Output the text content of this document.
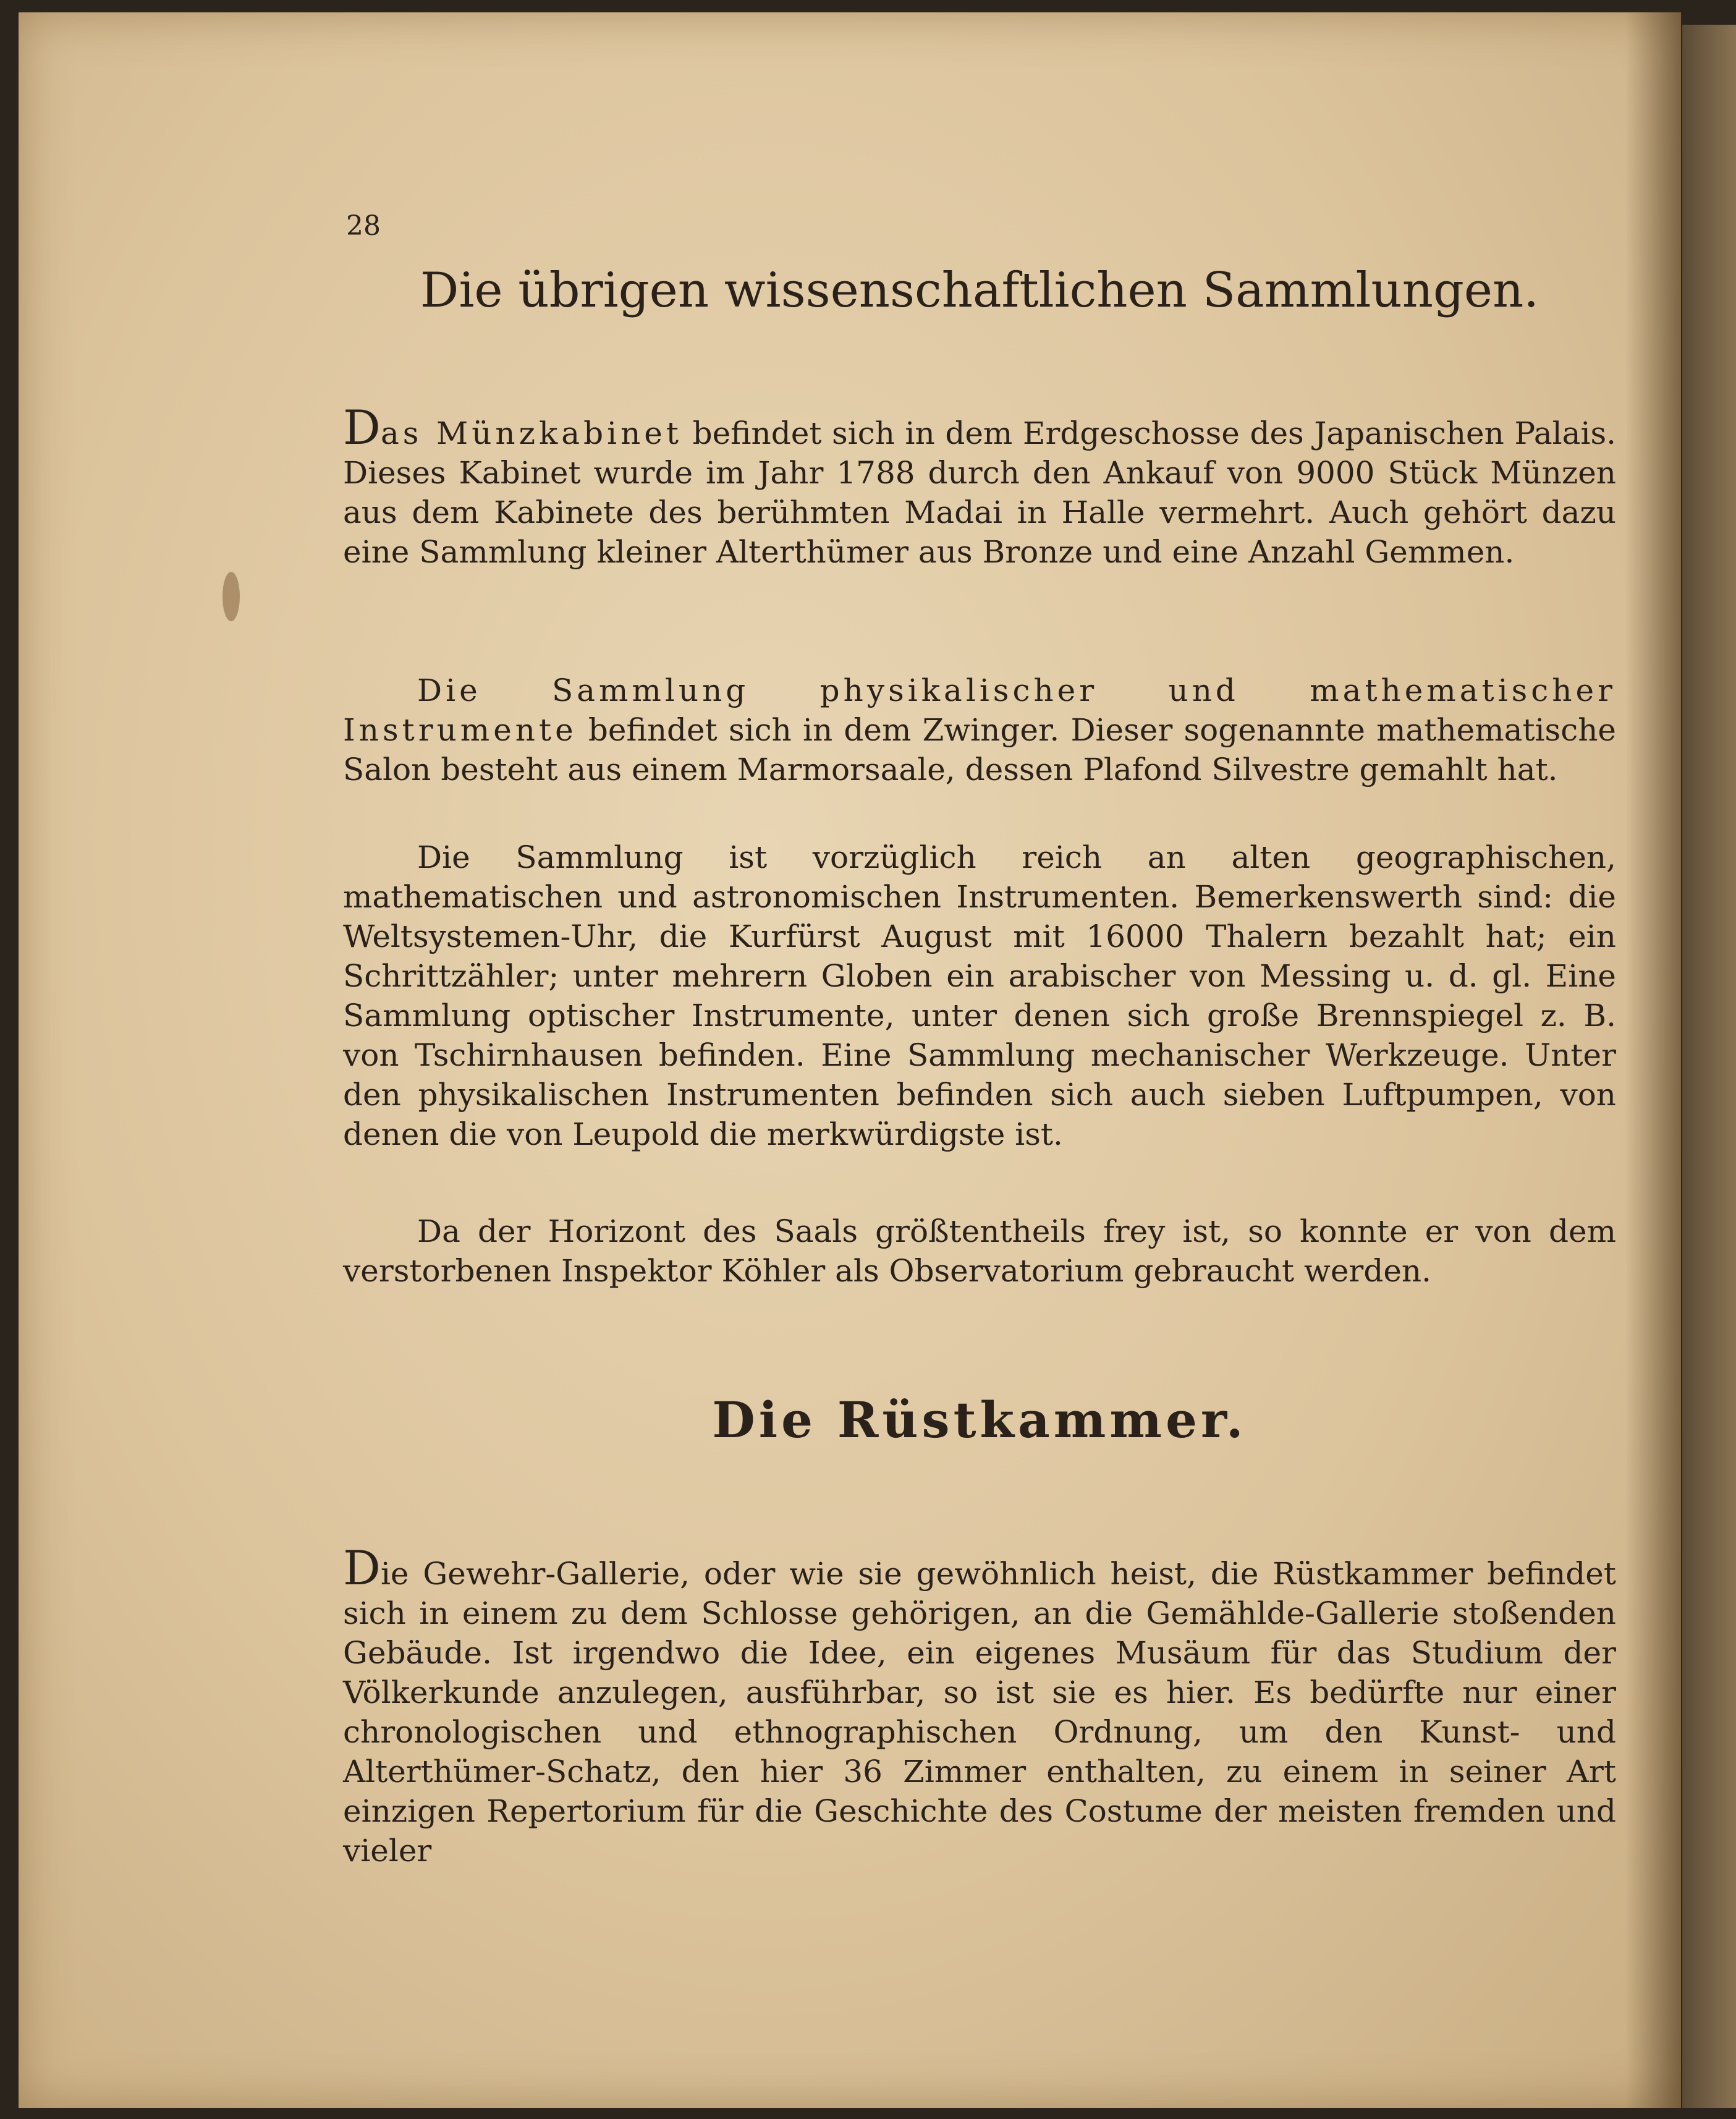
28
Die übrigen wissenschaftlichen Sammlungen.

Das Münzkabinet befindet sich in dem Erdgeschosse des Japanischen Palais. Dieses Kabinet wurde im Jahr 1788 durch den Ankauf von 9000 Stück Münzen aus dem Kabinete des berühmten Madai in Halle vermehrt. Auch gehört dazu eine Sammlung kleiner Alterthümer aus Bronze und eine Anzahl Gemmen.

Die Sammlung physikalischer und mathematischer Instrumente befindet sich in dem Zwinger. Dieser sogenannte mathematische Salon besteht aus einem Marmorsaale, dessen Plafond Silvestre gemahlt hat.

Die Sammlung ist vorzüglich reich an alten geographischen, mathematischen und astronomischen Instrumenten. Bemerkenswerth sind: die Weltsystemen-Uhr, die Kurfürst August mit 16000 Thalern bezahlt hat; ein Schrittzähler; unter mehrern Globen ein arabischer von Messing u. d. gl. Eine Sammlung optischer Instrumente, unter denen sich große Brennspiegel z. B. von Tschirnhausen befinden. Eine Sammlung mechanischer Werkzeuge. Unter den physikalischen Instrumenten befinden sich auch sieben Luftpumpen, von denen die von Leupold die merkwürdigste ist.

Da der Horizont des Saals größtentheils frey ist, so konnte er von dem verstorbenen Inspektor Köhler als Observatorium gebraucht werden.

Die Rüstkammer.

Die Gewehr-Gallerie, oder wie sie gewöhnlich heist, die Rüstkammer befindet sich in einem zu dem Schlosse gehörigen, an die Gemählde-Gallerie stoßenden Gebäude. Ist irgendwo die Idee, ein eigenes Musäum für das Studium der Völkerkunde anzulegen, ausführbar, so ist sie es hier. Es bedürfte nur einer chronologischen und ethnographischen Ordnung, um den Kunst- und Alterthümer-Schatz, den hier 36 Zimmer enthalten, zu einem in seiner Art einzigen Repertorium für die Geschichte des Costume der meisten fremden und vieler
